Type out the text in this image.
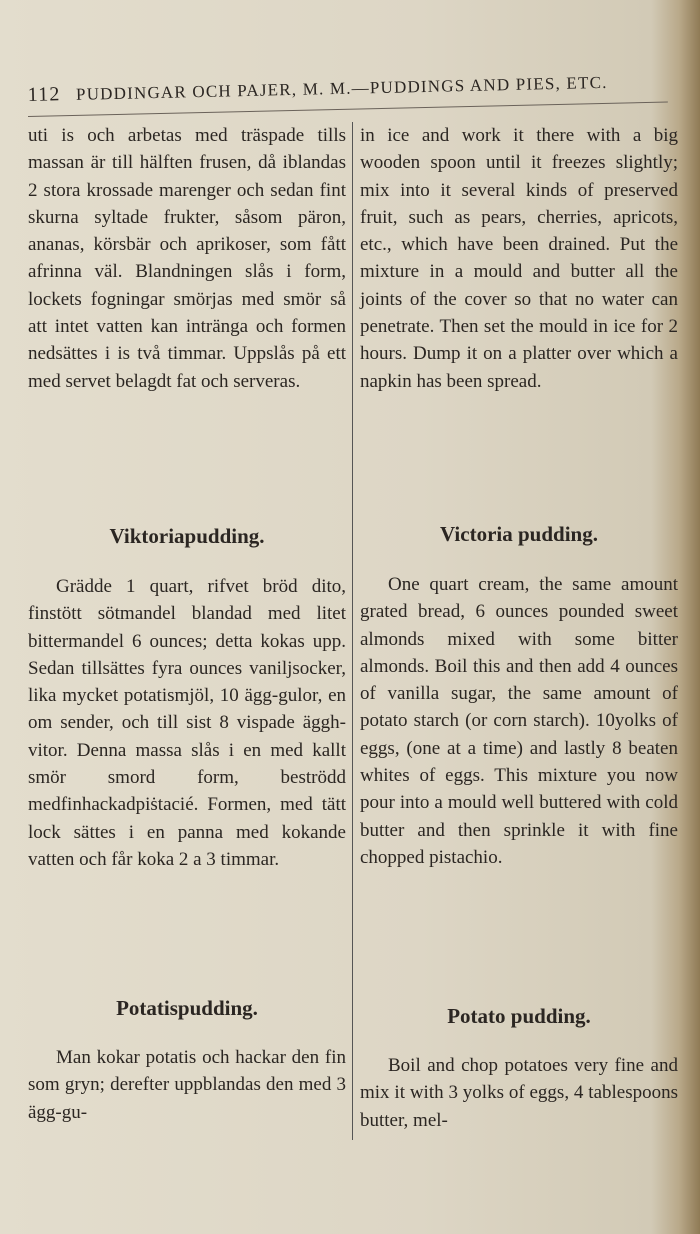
112 PUDDINGAR OCH PAJER, M. M.—PUDDINGS AND PIES, ETC.

uti is och arbetas med träspade tills massan är till hälften frusen, då iblandas 2 stora krossade marenger och sedan fint skurna syltade frukter, såsom päron, ananas, körsbär och aprikoser, som fått afrinna väl. Blandningen slås i form, lockets fogningar smörjas med smör så att intet vatten kan intränga och formen nedsättes i is två timmar. Uppslås på ett med servet belagdt fat och serveras.

Viktoriapudding.

Grädde 1 quart, rifvet bröd dito, finstött sötmandel blandad med litet bittermandel 6 ounces; detta kokas upp. Sedan tillsättes fyra ounces vaniljsocker, lika mycket potatismjöl, 10 ägg-gulor, en om sender, och till sist 8 vispade äggh-vitor. Denna massa slås i en med kallt smör smord form, beströdd medfinhackadpiṡtacié. Formen, med tätt lock sättes i en panna med kokande vatten och får koka 2 a 3 timmar.

Potatispudding.

Man kokar potatis och hackar den fin som gryn; derefter uppblandas den med 3 ägg-gu-

in ice and work it there with a big wooden spoon until it freezes slightly; mix into it several kinds of preserved fruit, such as pears, cherries, apricots, etc., which have been drained. Put the mixture in a mould and butter all the joints of the cover so that no water can penetrate. Then set the mould in ice for 2 hours. Dump it on a platter over which a napkin has been spread.

Victoria pudding.

One quart cream, the same amount grated bread, 6 ounces pounded sweet almonds mixed with some bitter almonds. Boil this and then add 4 ounces of vanilla sugar, the same amount of potato starch (or corn starch). 10yolks of eggs, (one at a time) and lastly 8 beaten whites of eggs. This mixture you now pour into a mould well buttered with cold butter and then sprinkle it with fine chopped pistachio.

Potato pudding.

Boil and chop potatoes very fine and mix it with 3 yolks of eggs, 4 tablespoons butter, mel-
